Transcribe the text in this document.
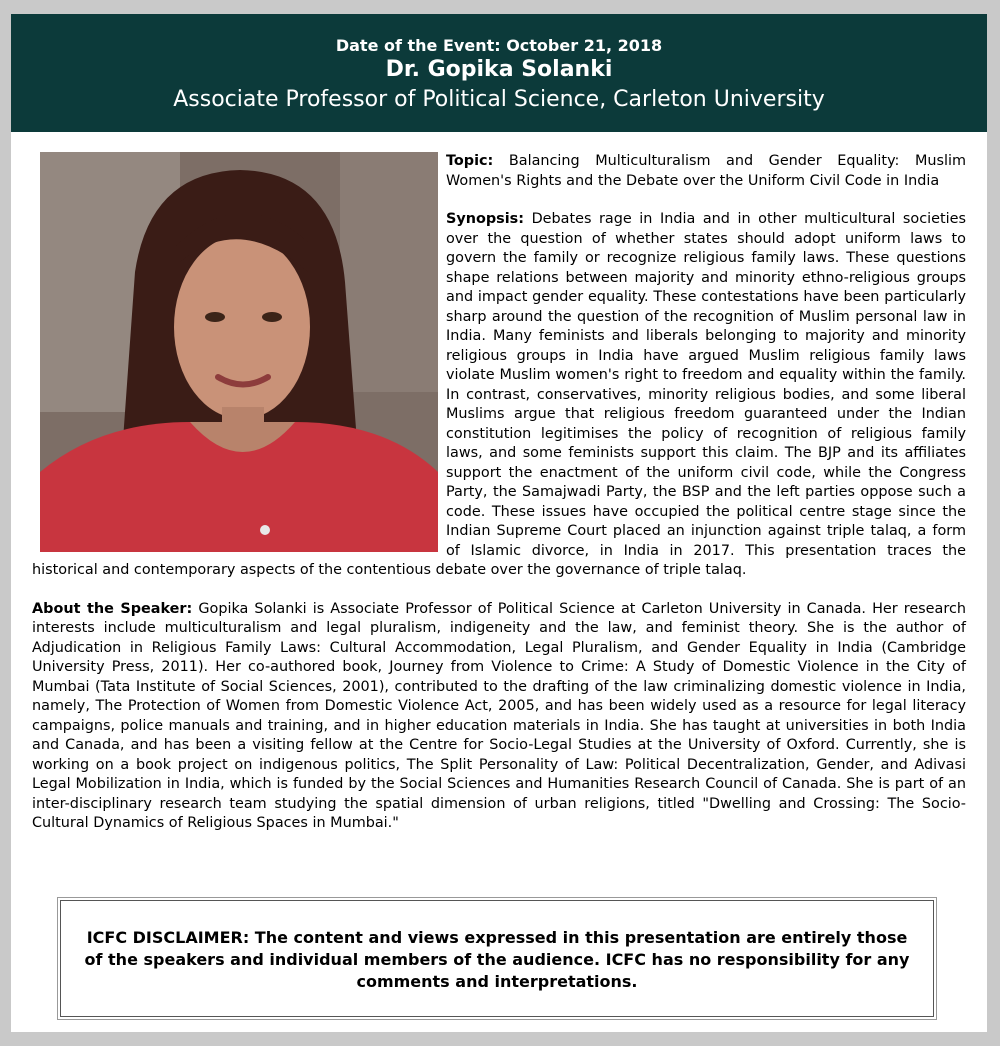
Date of the Event: October 21, 2018
Dr. Gopika Solanki
Associate Professor of Political Science, Carleton University

Topic: Balancing Multiculturalism and Gender Equality: Muslim Women's Rights and the Debate over the Uniform Civil Code in India

Synopsis: Debates rage in India and in other multicultural societies over the question of whether states should adopt uniform laws to govern the family or recognize religious family laws. These questions shape relations between majority and minority ethno-religious groups and impact gender equality. These contestations have been particularly sharp around the question of the recognition of Muslim personal law in India. Many feminists and liberals belonging to majority and minority religious groups in India have argued Muslim religious family laws violate Muslim women's right to freedom and equality within the family. In contrast, conservatives, minority religious bodies, and some liberal Muslims argue that religious freedom guaranteed under the Indian constitution legitimises the policy of recognition of religious family laws, and some feminists support this claim. The BJP and its affiliates support the enactment of the uniform civil code, while the Congress Party, the Samajwadi Party, the BSP and the left parties oppose such a code. These issues have occupied the political centre stage since the Indian Supreme Court placed an injunction against triple talaq, a form of Islamic divorce, in India in 2017. This presentation traces the historical and contemporary aspects of the contentious debate over the governance of triple talaq.

About the Speaker: Gopika Solanki is Associate Professor of Political Science at Carleton University in Canada. Her research interests include multiculturalism and legal pluralism, indigeneity and the law, and feminist theory. She is the author of Adjudication in Religious Family Laws: Cultural Accommodation, Legal Pluralism, and Gender Equality in India (Cambridge University Press, 2011). Her co-authored book, Journey from Violence to Crime: A Study of Domestic Violence in the City of Mumbai (Tata Institute of Social Sciences, 2001), contributed to the drafting of the law criminalizing domestic violence in India, namely, The Protection of Women from Domestic Violence Act, 2005, and has been widely used as a resource for legal literacy campaigns, police manuals and training, and in higher education materials in India. She has taught at universities in both India and Canada, and has been a visiting fellow at the Centre for Socio-Legal Studies at the University of Oxford. Currently, she is working on a book project on indigenous politics, The Split Personality of Law: Political Decentralization, Gender, and Adivasi Legal Mobilization in India, which is funded by the Social Sciences and Humanities Research Council of Canada. She is part of an inter-disciplinary research team studying the spatial dimension of urban religions, titled "Dwelling and Crossing: The Socio-Cultural Dynamics of Religious Spaces in Mumbai."

ICFC DISCLAIMER: The content and views expressed in this presentation are entirely those of the speakers and individual members of the audience. ICFC has no responsibility for any comments and interpretations.
